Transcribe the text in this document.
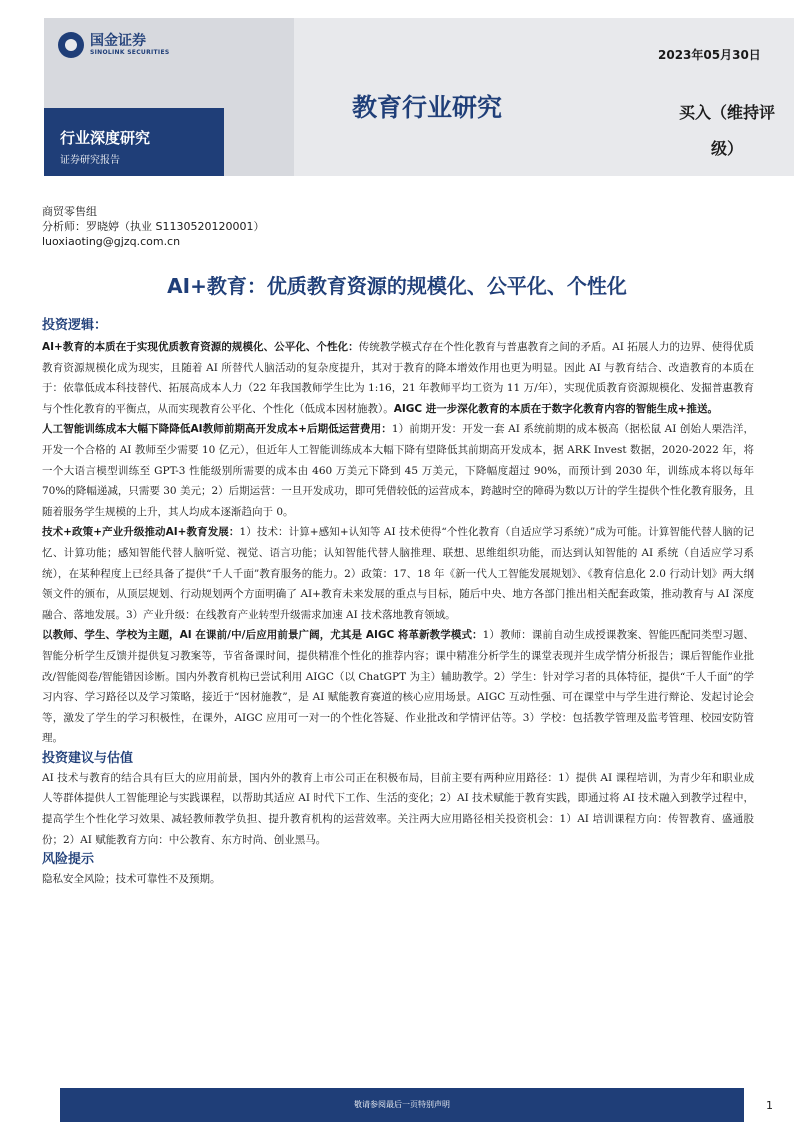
国金证券
SINOLINK SECURITIES
行业深度研究
证券研究报告
2023年05月30日
教育行业研究	买入（维持评
级）
商贸零售组
分析师：罗晓婷（执业 S1130520120001）
luoxiaoting@gjzq.com.cn
AI+教育：优质教育资源的规模化、公平化、个性化
投资逻辑：

AI+教育的本质在于实现优质教育资源的规模化、公平化、个性化：传统教学模式存在个性化教育与普惠教育之间的矛盾。AI 拓展人力的边界、使得优质教育资源规模化成为现实，且随着 AI 所替代人脑活动的复杂度提升，其对于教育的降本增效作用也更为明显。因此 AI 与教育结合、改造教育的本质在于：依靠低成本科技替代、拓展高成本人力（22 年我国教师学生比为 1:16，21 年教师平均工资为 11 万/年），实现优质教育资源规模化、发掘普惠教育与个性化教育的平衡点，从而实现教育公平化、个性化（低成本因材施教）。AIGC 进一步深化教育的本质在于数字化教育内容的智能生成+推送。

人工智能训练成本大幅下降降低AI教师前期高开发成本+后期低运营费用：1）前期开发：开发一套 AI 系统前期的成本极高（据松鼠 AI 创始人栗浩洋，开发一个合格的 AI 教师至少需要 10 亿元），但近年人工智能训练成本大幅下降有望降低其前期高开发成本，据 ARK Invest 数据，2020-2022 年，将一个大语言模型训练至 GPT-3 性能级别所需要的成本由 460 万美元下降到 45 万美元，下降幅度超过 90%，而预计到 2030 年，训练成本将以每年 70%的降幅递减，只需要 30 美元；2）后期运营：一旦开发成功，即可凭借较低的运营成本，跨越时空的障碍为数以万计的学生提供个性化教育服务，且随着服务学生规模的上升，其人均成本逐渐趋向于 0。

技术+政策+产业升级推动AI+教育发展：1）技术：计算+感知+认知等 AI 技术使得“个性化教育（自适应学习系统）”成为可能。计算智能代替人脑的记忆、计算功能；感知智能代替人脑听觉、视觉、语言功能；认知智能代替人脑推理、联想、思维组织功能，而达到认知智能的 AI 系统（自适应学习系统），在某种程度上已经具备了提供“千人千面”教育服务的能力。2）政策：17、18 年《新一代人工智能发展规划》、《教育信息化 2.0 行动计划》两大纲领文件的颁布，从顶层规划、行动规划两个方面明确了 AI+教育未来发展的重点与目标，随后中央、地方各部门推出相关配套政策，推动教育与 AI 深度融合、落地发展。3）产业升级：在线教育产业转型升级需求加速 AI 技术落地教育领域。

以教师、学生、学校为主题，AI 在课前/中/后应用前景广阔，尤其是 AIGC 将革新教学模式：1）教师：课前自动生成授课教案、智能匹配同类型习题、智能分析学生反馈并提供复习教案等，节省备课时间，提供精准个性化的推荐内容；课中精准分析学生的课堂表现并生成学情分析报告；课后智能作业批改/智能阅卷/智能错因诊断。国内外教育机构已尝试利用 AIGC（以 ChatGPT 为主）辅助教学。2）学生：针对学习者的具体特征，提供“千人千面”的学习内容、学习路径以及学习策略，接近于“因材施教”，是 AI 赋能教育赛道的核心应用场景。AIGC 互动性强、可在课堂中与学生进行辩论、发起讨论会等，激发了学生的学习积极性，在课外，AIGC 应用可一对一的个性化答疑、作业批改和学情评估等。3）学校：包括教学管理及监考管理、校园安防管理。

投资建议与估值

AI 技术与教育的结合具有巨大的应用前景，国内外的教育上市公司正在积极布局，目前主要有两种应用路径：1）提供 AI 课程培训，为青少年和职业成人等群体提供人工智能理论与实践课程，以帮助其适应 AI 时代下工作、生活的变化；2）AI 技术赋能于教育实践，即通过将 AI 技术融入到教学过程中，提高学生个性化学习效果、减轻教师教学负担、提升教育机构的运营效率。关注两大应用路径相关投资机会：1）AI 培训课程方向：传智教育、盛通股份；2）AI 赋能教育方向：中公教育、东方时尚、创业黑马。

风险提示

隐私安全风险；技术可靠性不及预期。

敬请参阅最后一页特别声明	1
